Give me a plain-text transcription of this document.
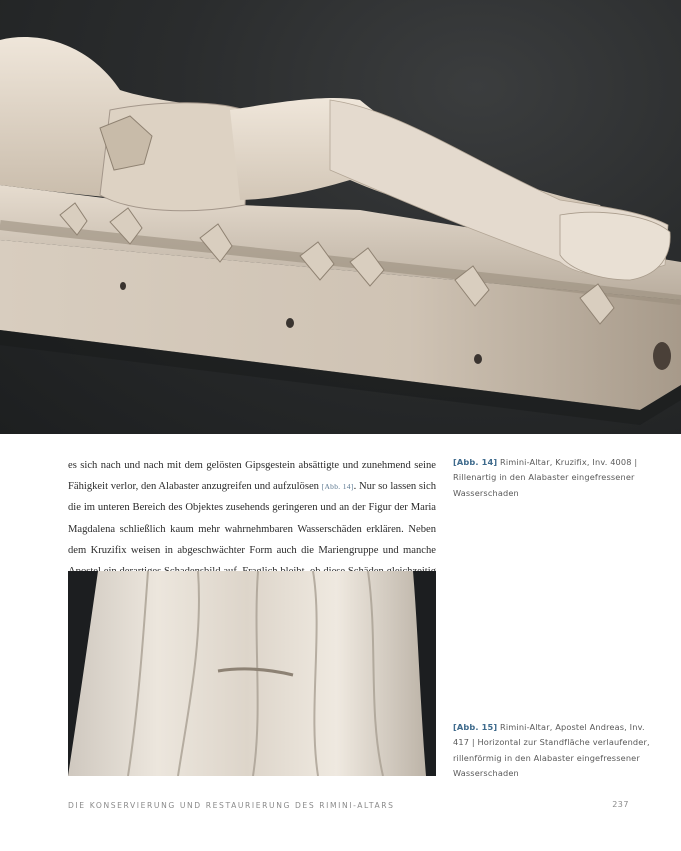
es sich nach und nach mit dem gelösten Gipsgestein absättigte und zunehmend seine Fähigkeit verlor, den Alabaster anzugreifen und aufzulösen [Abb. 14]. Nur so lassen sich die im unteren Bereich des Objektes zusehends geringeren und an der Figur der Maria Magdalena schließlich kaum mehr wahrnehmbaren Wasserschäden erklären. Neben dem Kruzifix weisen in abgeschwächter Form auch die Mariengruppe und manche
[Abb. 14] Rimini-Altar, Kruzifix, Inv. 4008 | Rillenartig in den Alabaster eingefressener Wasserschaden
[Abb. 15] Rimini-Altar, Apostel Andreas, Inv. 417 | Horizontal zur Standfläche verlaufender, rillenförmig in den Alabaster eingefressener Wasserschaden
DIE KONSERVIERUNG UND RESTAURIERUNG DES RIMINI-ALTARS	237
